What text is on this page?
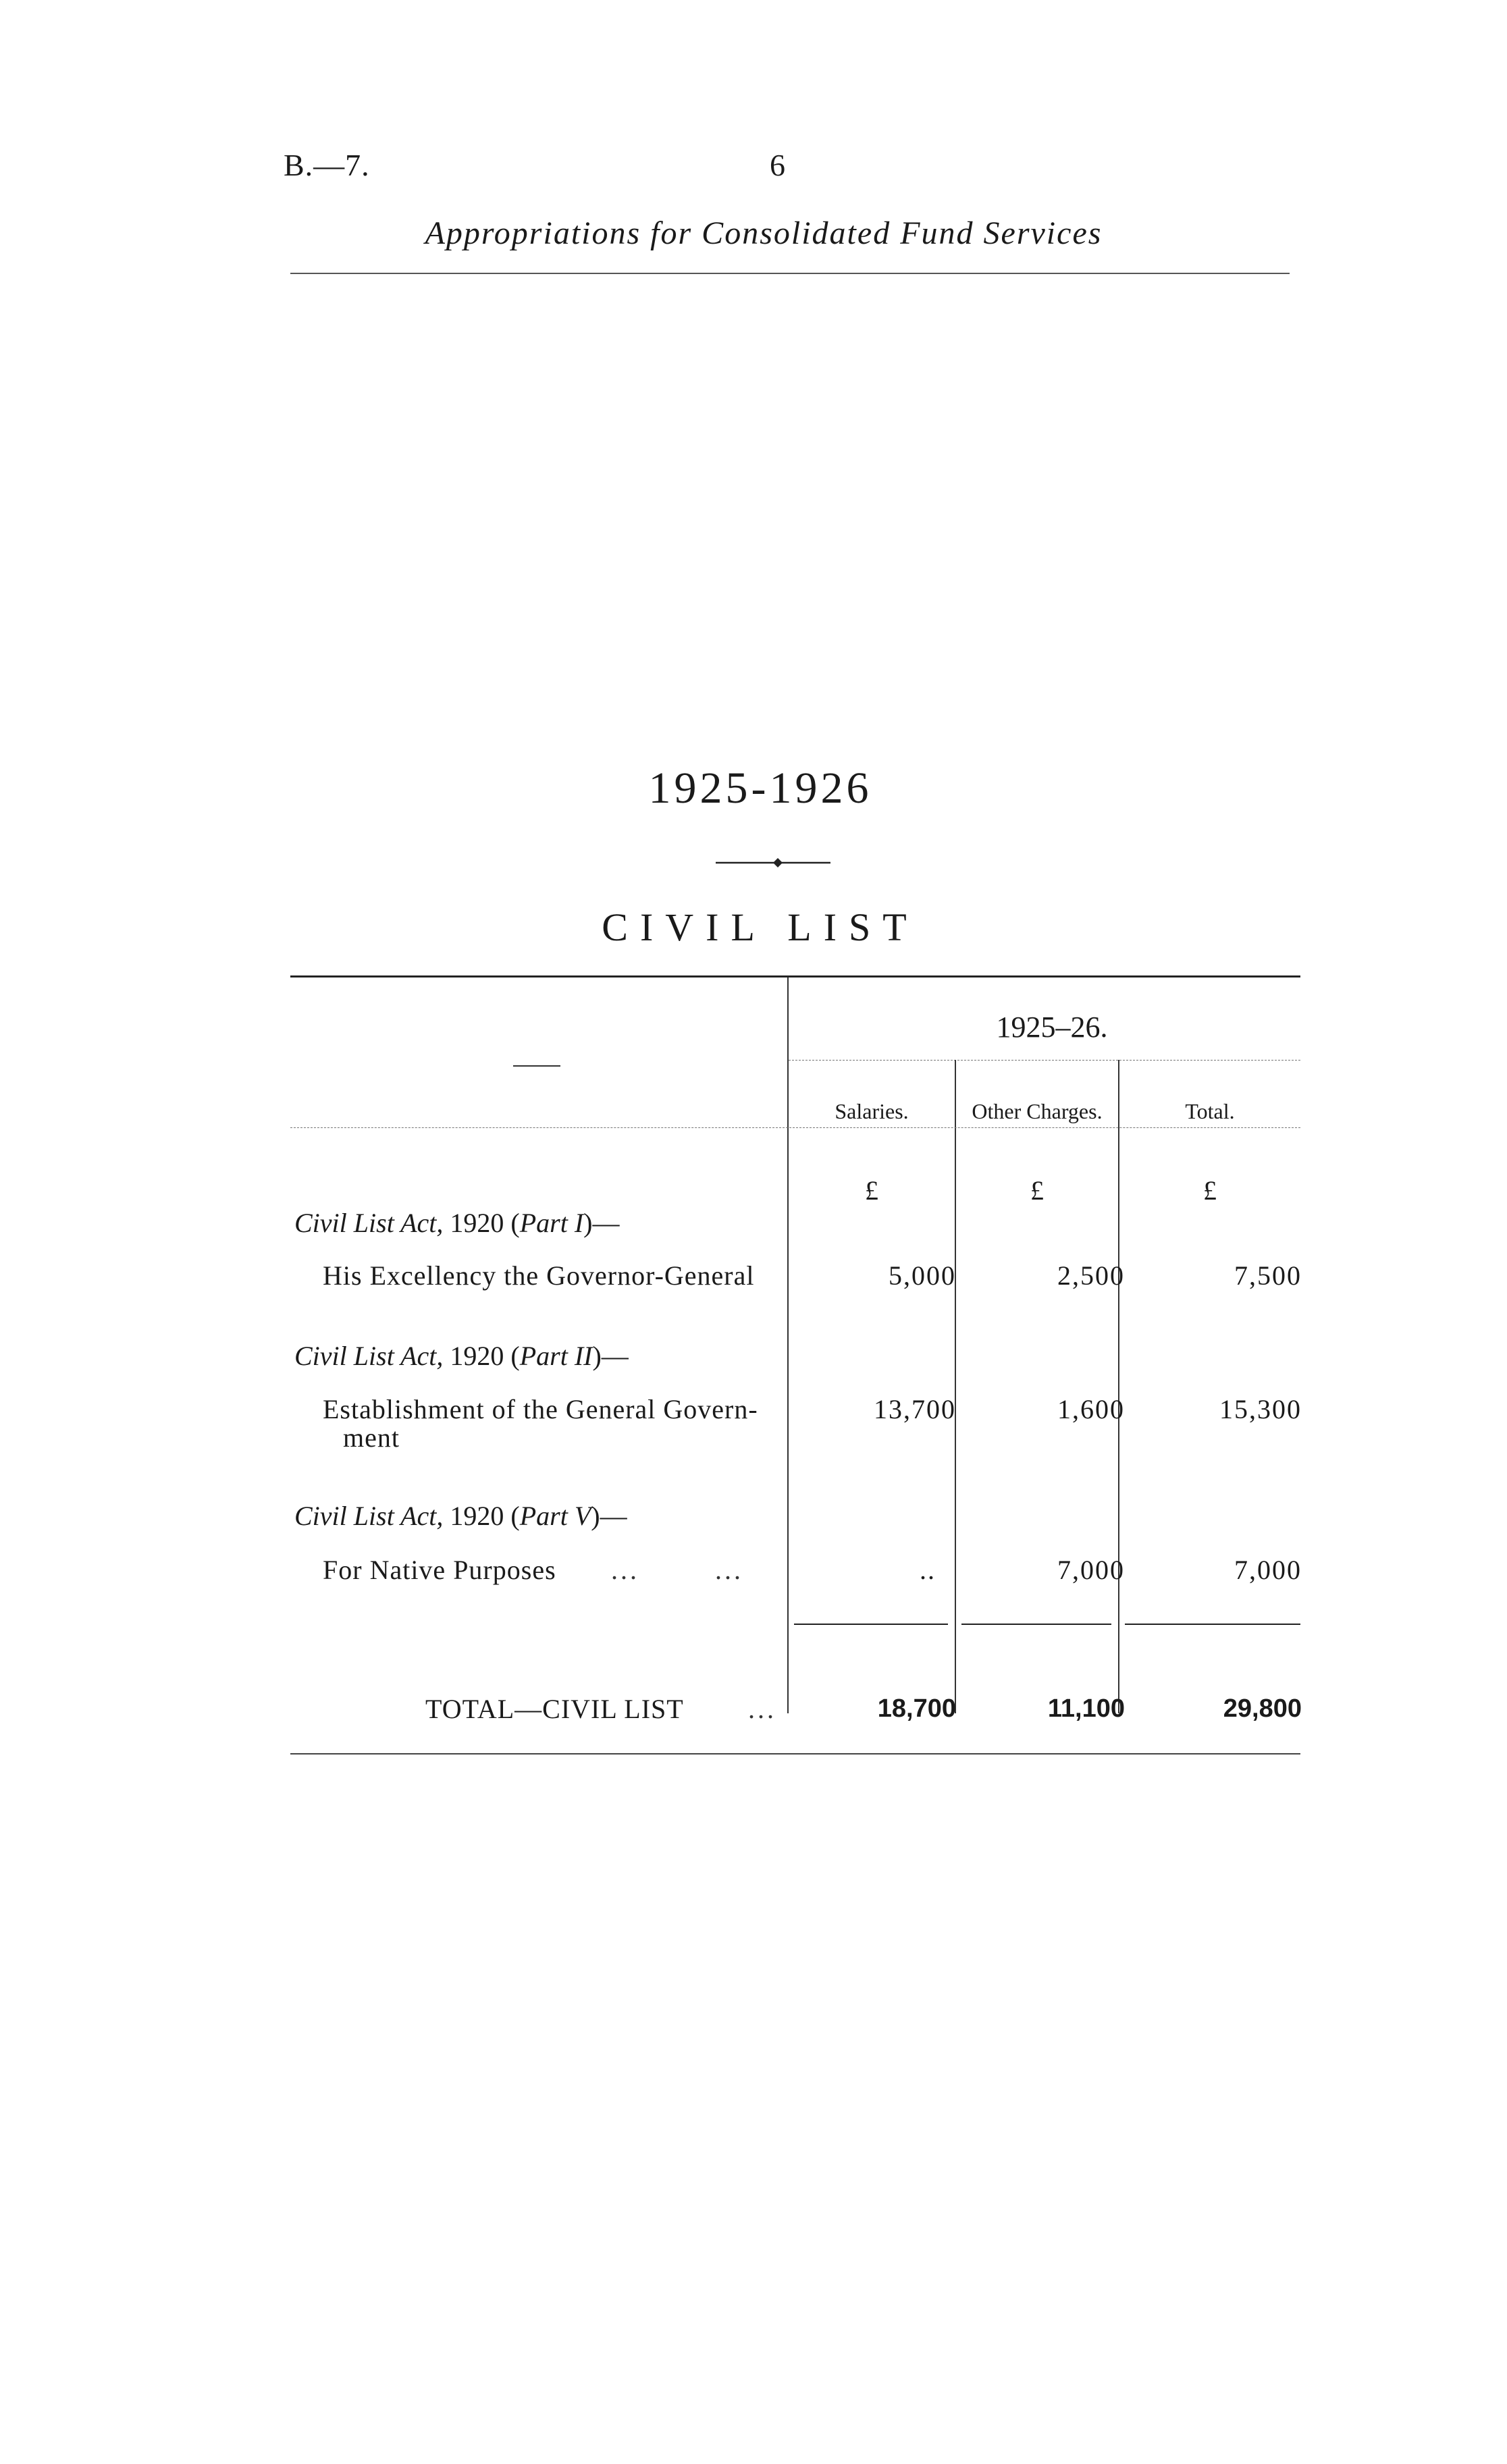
B.—7.	6
Appropriations for Consolidated Fund Services
1925-1926
CIVIL LIST
1925–26.
Salaries.	Other Charges.	Total.
£	£	£
Civil List Act, 1920 (Part I)—
His Excellency the Governor-General	5,000	2,500	7,500
Civil List Act, 1920 (Part II)—
Establishment of the General Govern-
ment
13,700	1,600	15,300
Civil List Act, 1920 (Part V)—
For Native Purposes ...        ...	..	7,000	7,000
TOTAL—CIVIL LIST ...	18,700	11,100	29,800
